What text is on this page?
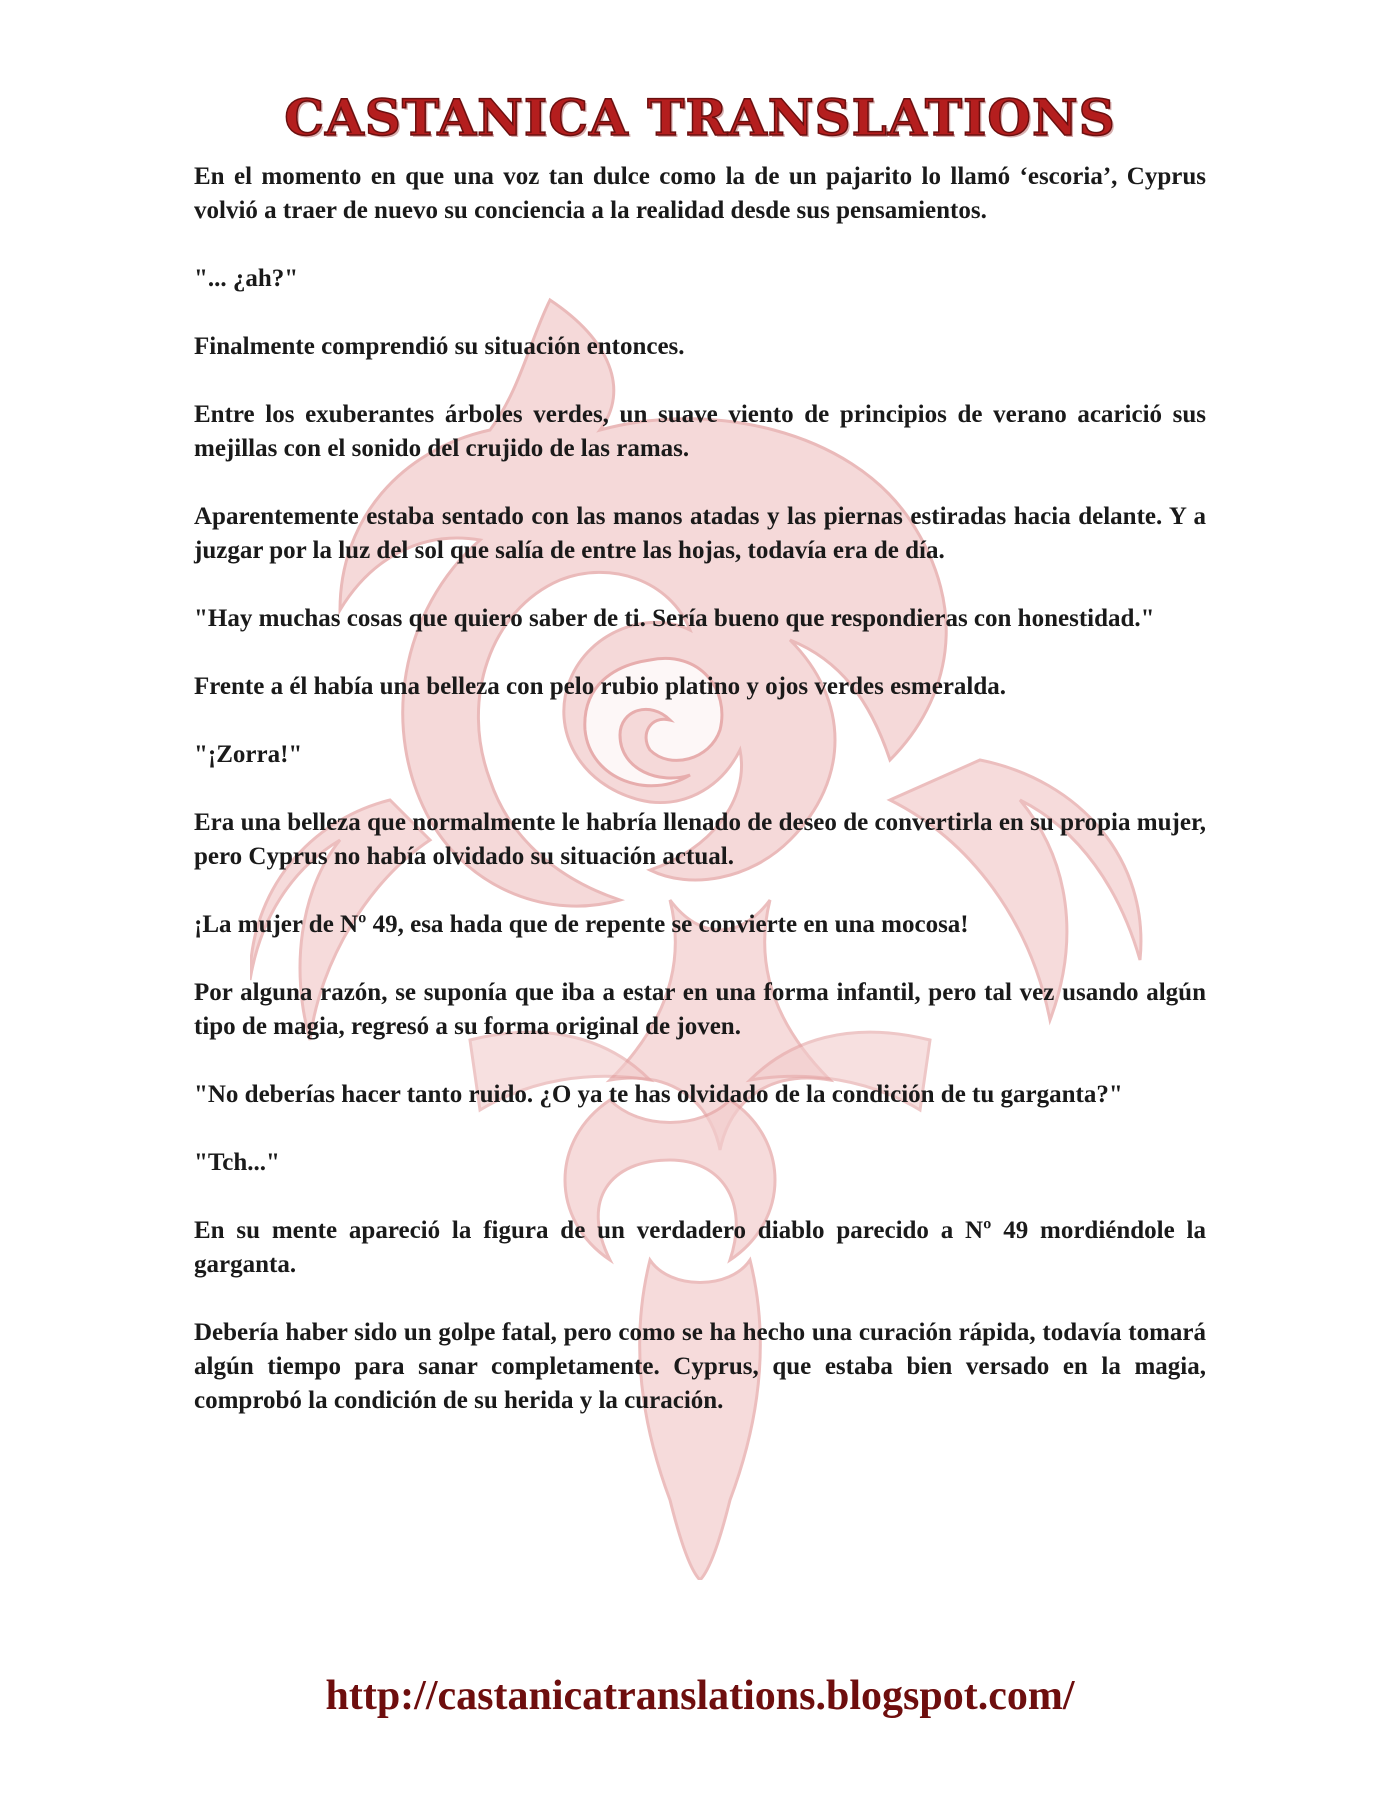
CASTANICA TRANSLATIONS

En el momento en que una voz tan dulce como la de un pajarito lo llamó ‘escoria’, Cyprus volvió a traer de nuevo su conciencia a la realidad desde sus pensamientos.

"... ¿ah?"

Finalmente comprendió su situación entonces.

Entre los exuberantes árboles verdes, un suave viento de principios de verano acarició sus mejillas con el sonido del crujido de las ramas.

Aparentemente estaba sentado con las manos atadas y las piernas estiradas hacia delante. Y a juzgar por la luz del sol que salía de entre las hojas, todavía era de día.

"Hay muchas cosas que quiero saber de ti. Sería bueno que respondieras con honestidad."

Frente a él había una belleza con pelo rubio platino y ojos verdes esmeralda.

"¡Zorra!"

Era una belleza que normalmente le habría llenado de deseo de convertirla en su propia mujer, pero Cyprus no había olvidado su situación actual.

¡La mujer de Nº 49, esa hada que de repente se convierte en una mocosa!

Por alguna razón, se suponía que iba a estar en una forma infantil, pero tal vez usando algún tipo de magia, regresó a su forma original de joven.

"No deberías hacer tanto ruido. ¿O ya te has olvidado de la condición de tu garganta?"

"Tch..."

En su mente apareció la figura de un verdadero diablo parecido a Nº 49 mordiéndole la garganta.

Debería haber sido un golpe fatal, pero como se ha hecho una curación rápida, todavía tomará algún tiempo para sanar completamente. Cyprus, que estaba bien versado en la magia, comprobó la condición de su herida y la curación.

http://castanicatranslations.blogspot.com/
